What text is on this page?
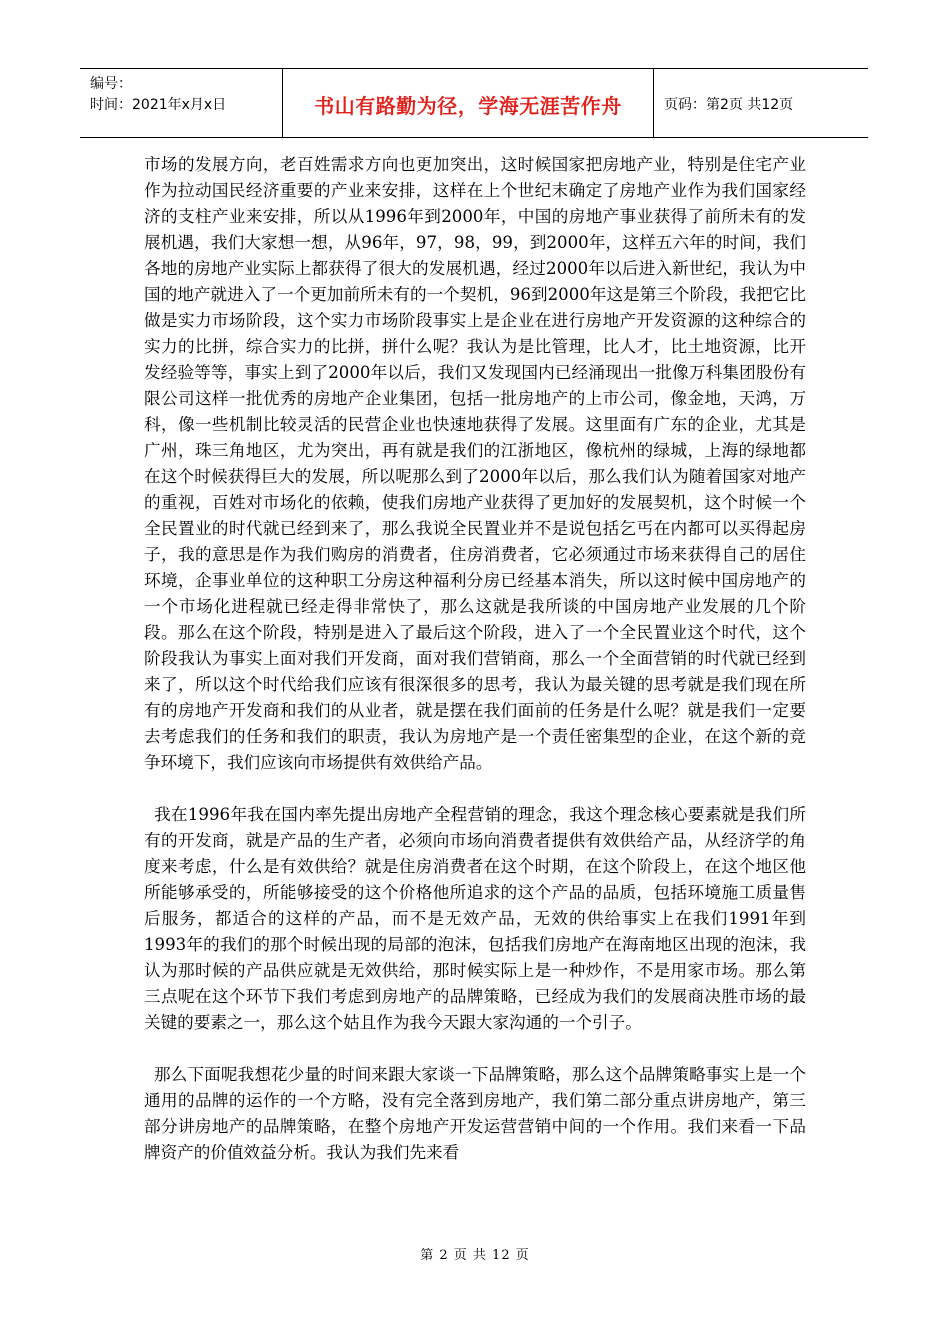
编号：
时间：2021年x月x日	书山有路勤为径，学海无涯苦作舟	页码：第2页 共12页

市场的发展方向，老百姓需求方向也更加突出，这时候国家把房地产业，特别是住宅产业作为拉动国民经济重要的产业来安排，这样在上个世纪末确定了房地产业作为我们国家经济的支柱产业来安排，所以从1996年到2000年，中国的房地产事业获得了前所未有的发展机遇，我们大家想一想，从96年，97，98，99，到2000年，这样五六年的时间，我们各地的房地产业实际上都获得了很大的发展机遇，经过2000年以后进入新世纪，我认为中国的地产就进入了一个更加前所未有的一个契机，96到2000年这是第三个阶段，我把它比做是实力市场阶段，这个实力市场阶段事实上是企业在进行房地产开发资源的这种综合的实力的比拼，综合实力的比拼，拼什么呢？我认为是比管理，比人才，比土地资源，比开发经验等等，事实上到了2000年以后，我们又发现国内已经涌现出一批像万科集团股份有限公司这样一批优秀的房地产企业集团，包括一批房地产的上市公司，像金地，天鸿，万科，像一些机制比较灵活的民营企业也快速地获得了发展。这里面有广东的企业，尤其是广州，珠三角地区，尤为突出，再有就是我们的江浙地区，像杭州的绿城，上海的绿地都在这个时候获得巨大的发展，所以呢那么到了2000年以后，那么我们认为随着国家对地产的重视，百姓对市场化的依赖，使我们房地产业获得了更加好的发展契机，这个时候一个全民置业的时代就已经到来了，那么我说全民置业并不是说包括乞丐在内都可以买得起房子，我的意思是作为我们购房的消费者，住房消费者，它必须通过市场来获得自己的居住环境，企事业单位的这种职工分房这种福利分房已经基本消失，所以这时候中国房地产的一个市场化进程就已经走得非常快了，那么这就是我所谈的中国房地产业发展的几个阶段。那么在这个阶段，特别是进入了最后这个阶段，进入了一个全民置业这个时代，这个阶段我认为事实上面对我们开发商，面对我们营销商，那么一个全面营销的时代就已经到来了，所以这个时代给我们应该有很深很多的思考，我认为最关键的思考就是我们现在所有的房地产开发商和我们的从业者，就是摆在我们面前的任务是什么呢？就是我们一定要去考虑我们的任务和我们的职责，我认为房地产是一个责任密集型的企业，在这个新的竞争环境下，我们应该向市场提供有效供给产品。

我在1996年我在国内率先提出房地产全程营销的理念，我这个理念核心要素就是我们所有的开发商，就是产品的生产者，必须向市场向消费者提供有效供给产品，从经济学的角度来考虑，什么是有效供给？就是住房消费者在这个时期，在这个阶段上，在这个地区他所能够承受的，所能够接受的这个价格他所追求的这个产品的品质，包括环境施工质量售后服务，都适合的这样的产品，而不是无效产品，无效的供给事实上在我们1991年到1993年的我们的那个时候出现的局部的泡沫，包括我们房地产在海南地区出现的泡沫，我认为那时候的产品供应就是无效供给，那时候实际上是一种炒作，不是用家市场。那么第三点呢在这个环节下我们考虑到房地产的品牌策略，已经成为我们的发展商决胜市场的最关键的要素之一，那么这个姑且作为我今天跟大家沟通的一个引子。

那么下面呢我想花少量的时间来跟大家谈一下品牌策略，那么这个品牌策略事实上是一个通用的品牌的运作的一个方略，没有完全落到房地产，我们第二部分重点讲房地产，第三部分讲房地产的品牌策略，在整个房地产开发运营营销中间的一个作用。我们来看一下品牌资产的价值效益分析。我认为我们先来看

第 2 页 共 12 页
